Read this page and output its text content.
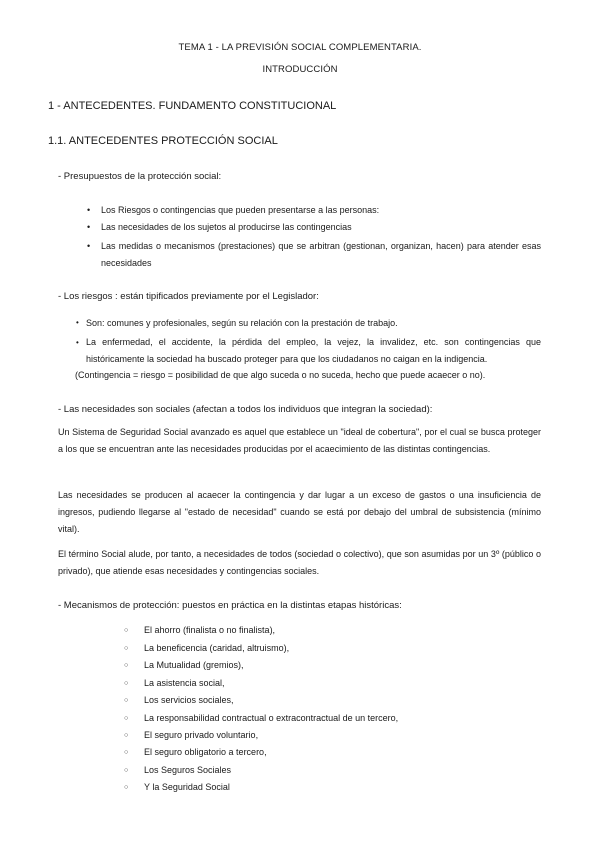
TEMA 1 - LA PREVISIÓN SOCIAL COMPLEMENTARIA.
INTRODUCCIÓN
1 - ANTECEDENTES. FUNDAMENTO CONSTITUCIONAL
1.1. ANTECEDENTES PROTECCIÓN SOCIAL
- Presupuestos de la protección social:
• Los Riesgos o contingencias que pueden presentarse a las personas:
• Las necesidades de los sujetos al producirse las contingencias
• Las medidas o mecanismos (prestaciones) que se arbitran (gestionan, organizan, hacen) para atender esas necesidades
- Los riesgos : están tipificados previamente por el Legislador:
• Son: comunes y profesionales, según su relación con la prestación de trabajo.
• La enfermedad, el accidente, la pérdida del empleo, la vejez, la invalidez, etc. son contingencias que históricamente la sociedad ha buscado proteger para que los ciudadanos no caigan en la indigencia.
(Contingencia = riesgo = posibilidad de que algo suceda o no suceda, hecho que puede acaecer o no).
- Las necesidades son sociales (afectan a todos los individuos que integran la sociedad):
Un Sistema de Seguridad Social avanzado es aquel que establece un "ideal de cobertura", por el cual se busca proteger a los que se encuentran ante las necesidades producidas por el acaecimiento de las distintas contingencias.
Las necesidades se producen al acaecer la contingencia y dar lugar a un exceso de gastos o una insuficiencia de ingresos, pudiendo llegarse al "estado de necesidad" cuando se está por debajo del umbral de subsistencia (mínimo vital).
El término Social alude, por tanto, a necesidades de todos (sociedad o colectivo), que son asumidas por un 3º (público o privado), que atiende esas necesidades y contingencias sociales.
- Mecanismos de protección: puestos en práctica en la distintas etapas históricas:
○ El ahorro (finalista o no finalista),
○ La beneficencia (caridad, altruismo),
○ La Mutualidad (gremios),
○ La asistencia social,
○ Los servicios sociales,
○ La responsabilidad contractual o extracontractual de un tercero,
○ El seguro privado voluntario,
○ El seguro obligatorio a tercero,
○ Los Seguros Sociales
○ Y la Seguridad Social
